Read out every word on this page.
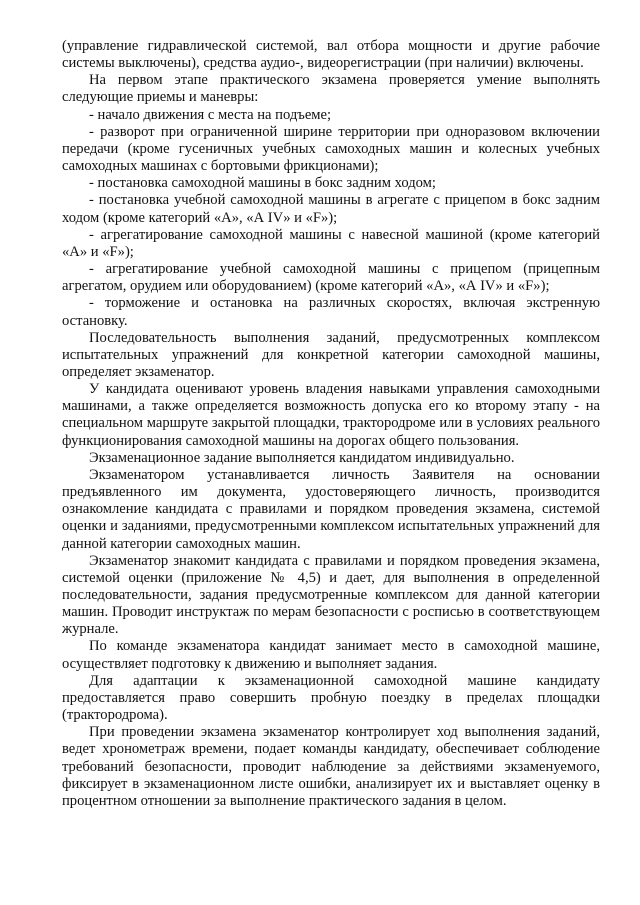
(управление гидравлической системой, вал отбора мощности и другие рабочие системы выключены), средства аудио-, видеорегистрации (при наличии) включены.

На первом этапе практического экзамена проверяется умение выполнять следующие приемы и маневры:

- начало движения с места на подъеме;

- разворот при ограниченной ширине территории при одноразовом включении передачи (кроме гусеничных учебных самоходных машин и колесных учебных самоходных машинах с бортовыми фрикционами);

- постановка самоходной машины в бокс задним ходом;

- постановка учебной самоходной машины в агрегате с прицепом в бокс задним ходом (кроме категорий «А», «А IV» и «F»);

- агрегатирование самоходной машины с навесной машиной (кроме категорий «А» и «F»);

- агрегатирование учебной самоходной машины с прицепом (прицепным агрегатом, орудием или оборудованием) (кроме категорий «А», «А IV» и «F»);

- торможение и остановка на различных скоростях, включая экстренную остановку.

Последовательность выполнения заданий, предусмотренных комплексом испытательных упражнений для конкретной категории самоходной машины, определяет экзаменатор.

У кандидата оценивают уровень владения навыками управления самоходными машинами, а также определяется возможность допуска его ко второму этапу - на специальном маршруте закрытой площадки, трактородроме или в условиях реального функционирования самоходной машины на дорогах общего пользования.

Экзаменационное задание выполняется кандидатом индивидуально.

Экзаменатором устанавливается личность Заявителя на основании предъявленного им документа, удостоверяющего личность, производится ознакомление кандидата с правилами и порядком проведения экзамена, системой оценки и заданиями, предусмотренными комплексом испытательных упражнений для данной категории самоходных машин.

Экзаменатор знакомит кандидата с правилами и порядком проведения экзамена, системой оценки (приложение № 4,5) и дает, для выполнения в определенной последовательности, задания предусмотренные комплексом для данной категории машин. Проводит инструктаж по мерам безопасности с росписью в соответствующем журнале.

По команде экзаменатора кандидат занимает место в самоходной машине, осуществляет подготовку к движению и выполняет задания.

Для адаптации к экзаменационной самоходной машине кандидату предоставляется право совершить пробную поездку в пределах площадки (трактородрома).

При проведении экзамена экзаменатор контролирует ход выполнения заданий, ведет хронометраж времени, подает команды кандидату, обеспечивает соблюдение требований безопасности, проводит наблюдение за действиями экзаменуемого, фиксирует в экзаменационном листе ошибки, анализирует их и выставляет оценку в процентном отношении за выполнение практического задания в целом.
